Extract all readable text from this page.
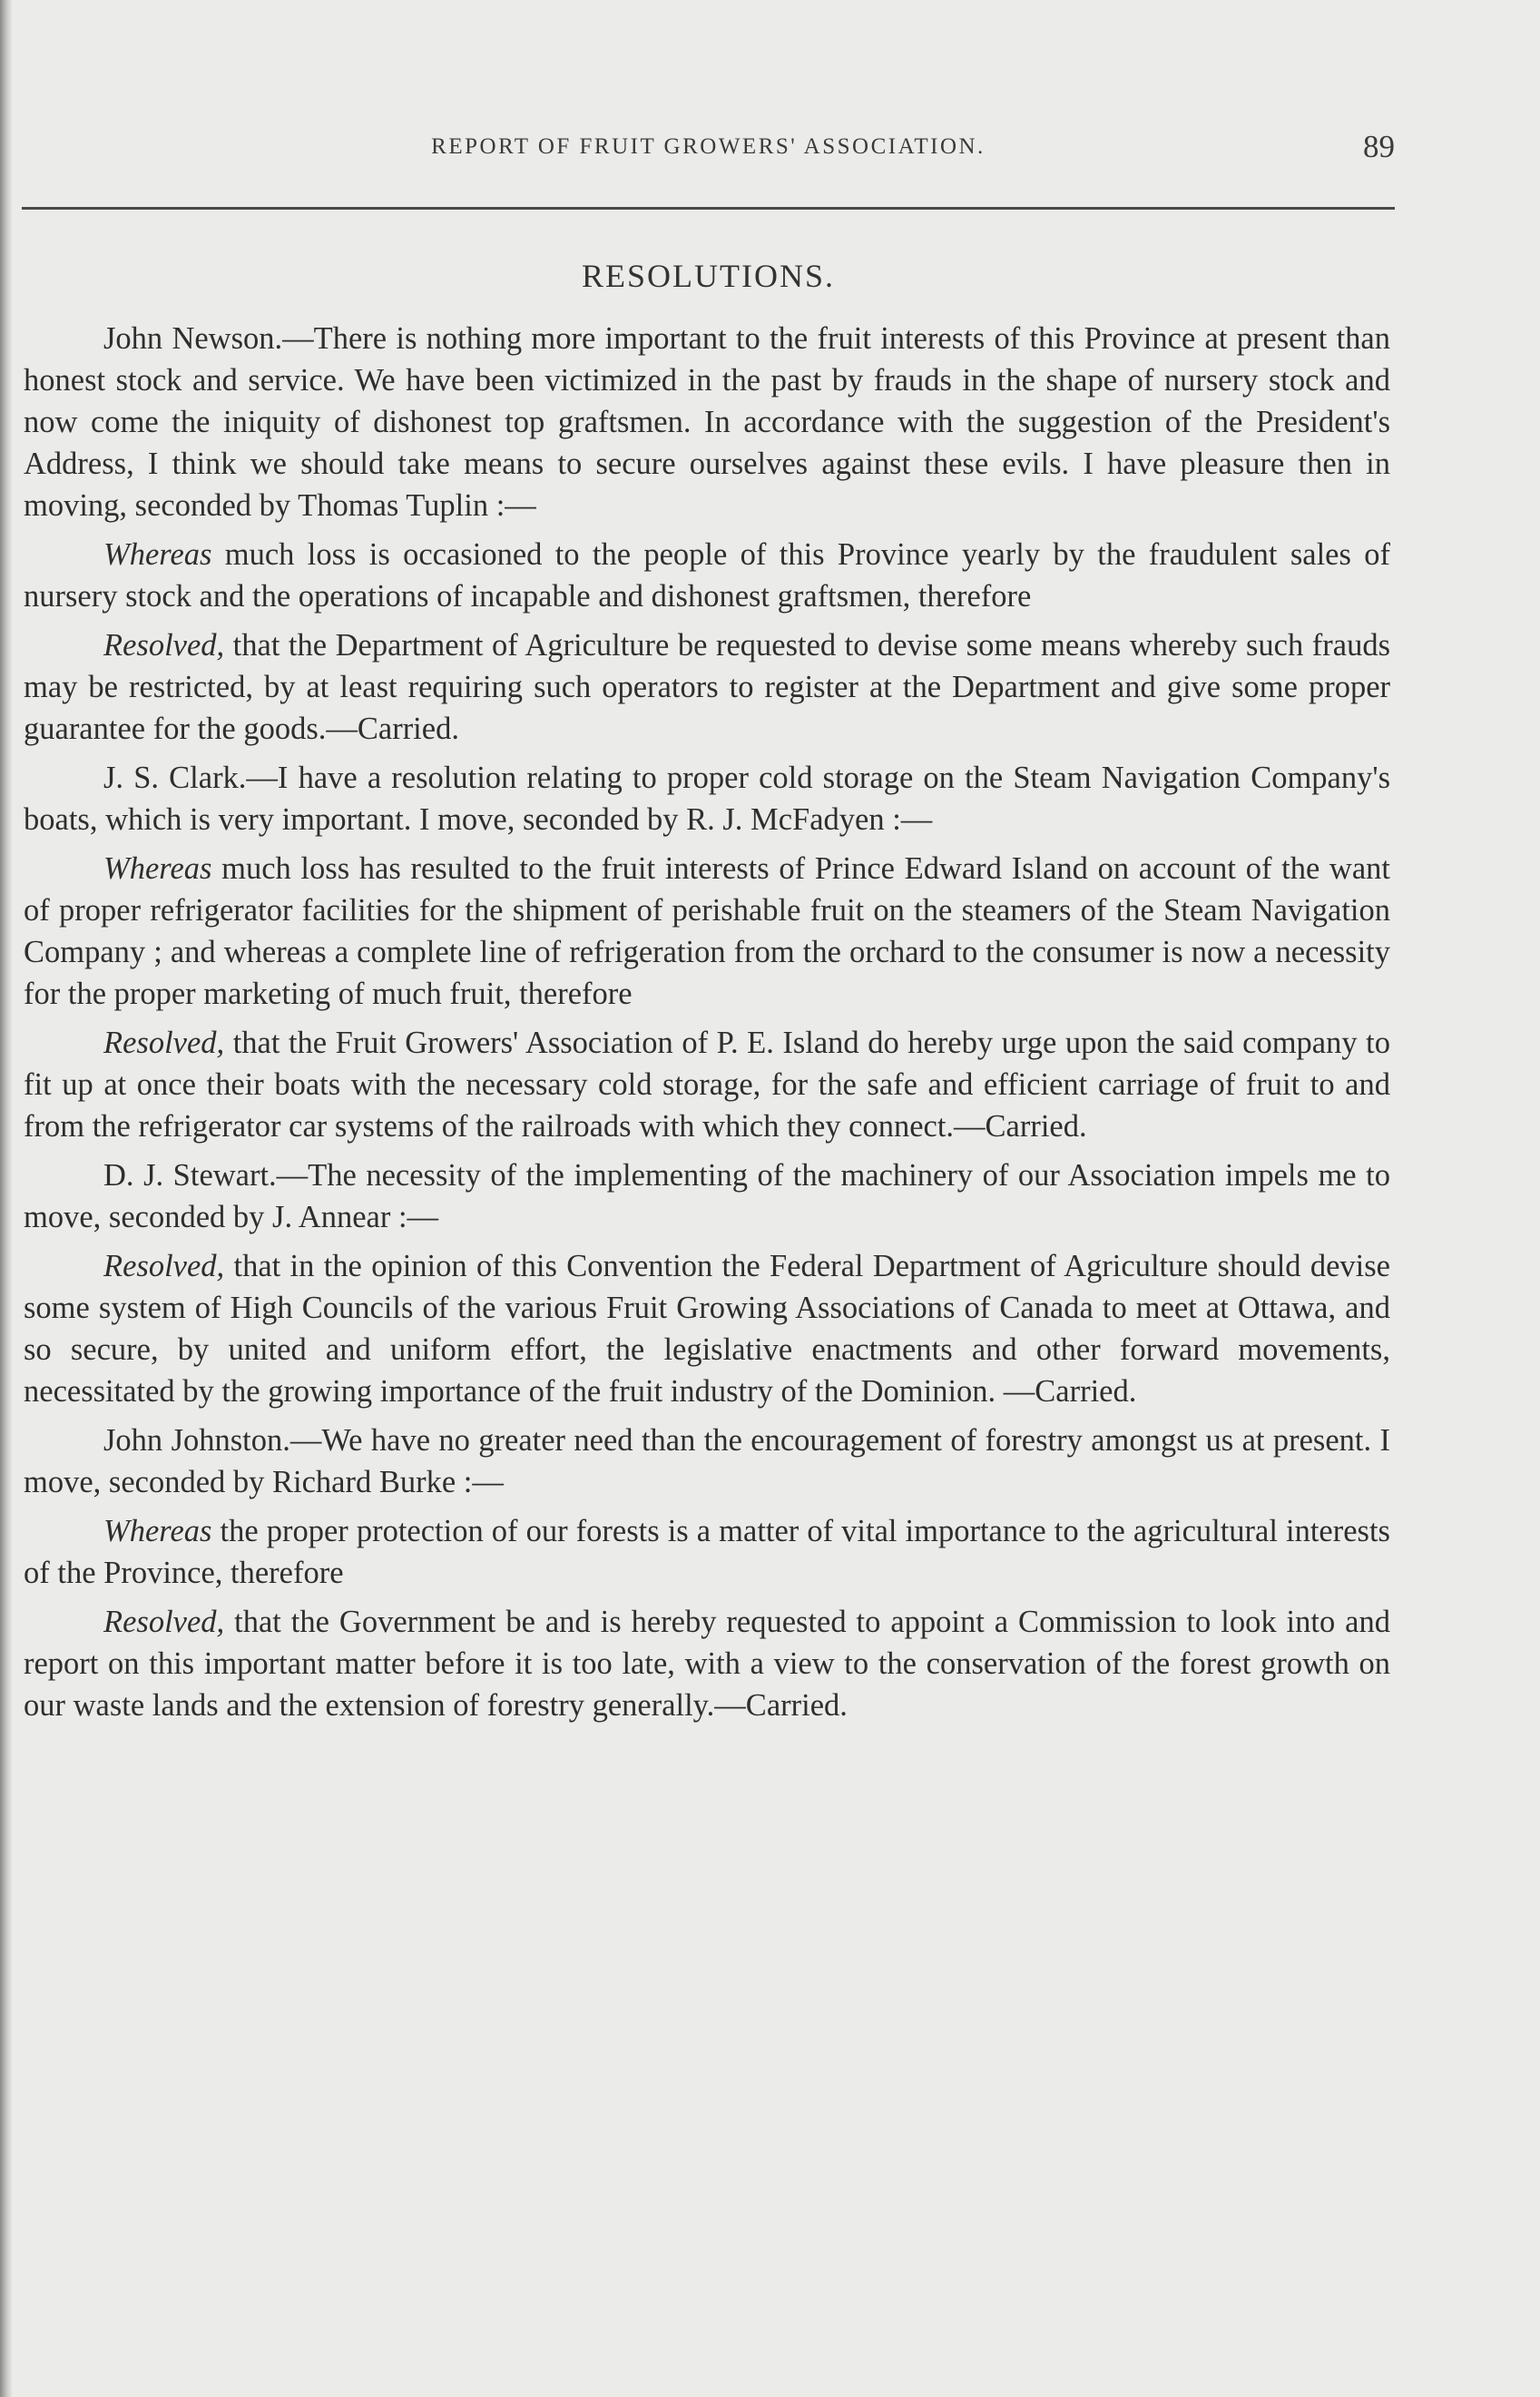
REPORT OF FRUIT GROWERS' ASSOCIATION.	89
RESOLUTIONS.

John Newson.—There is nothing more important to the fruit interests of this Province at present than honest stock and service. We have been victimized in the past by frauds in the shape of nursery stock and now come the iniquity of dishonest top graftsmen. In accordance with the suggestion of the President's Address, I think we should take means to secure ourselves against these evils. I have pleasure then in moving, seconded by Thomas Tuplin :—

Whereas much loss is occasioned to the people of this Province yearly by the fraudulent sales of nursery stock and the operations of incapable and dishonest graftsmen, therefore

Resolved, that the Department of Agriculture be requested to devise some means whereby such frauds may be restricted, by at least requiring such operators to register at the Department and give some proper guarantee for the goods.—Carried.

J. S. Clark.—I have a resolution relating to proper cold storage on the Steam Navigation Company's boats, which is very important. I move, seconded by R. J. McFadyen :—

Whereas much loss has resulted to the fruit interests of Prince Edward Island on account of the want of proper refrigerator facilities for the shipment of perishable fruit on the steamers of the Steam Navigation Company ; and whereas a complete line of refrigeration from the orchard to the consumer is now a necessity for the proper marketing of much fruit, therefore

Resolved, that the Fruit Growers' Association of P. E. Island do hereby urge upon the said company to fit up at once their boats with the necessary cold storage, for the safe and efficient carriage of fruit to and from the refrigerator car systems of the railroads with which they connect.—Carried.

D. J. Stewart.—The necessity of the implementing of the machinery of our Association impels me to move, seconded by J. Annear :—

Resolved, that in the opinion of this Convention the Federal Department of Agriculture should devise some system of High Councils of the various Fruit Growing Associations of Canada to meet at Ottawa, and so secure, by united and uniform effort, the legislative enactments and other forward movements, necessitated by the growing importance of the fruit industry of the Dominion. —Carried.

John Johnston.—We have no greater need than the encouragement of forestry amongst us at present. I move, seconded by Richard Burke :—

Whereas the proper protection of our forests is a matter of vital importance to the agricultural interests of the Province, therefore

Resolved, that the Government be and is hereby requested to appoint a Commission to look into and report on this important matter before it is too late, with a view to the conservation of the forest growth on our waste lands and the extension of forestry generally.—Carried.
